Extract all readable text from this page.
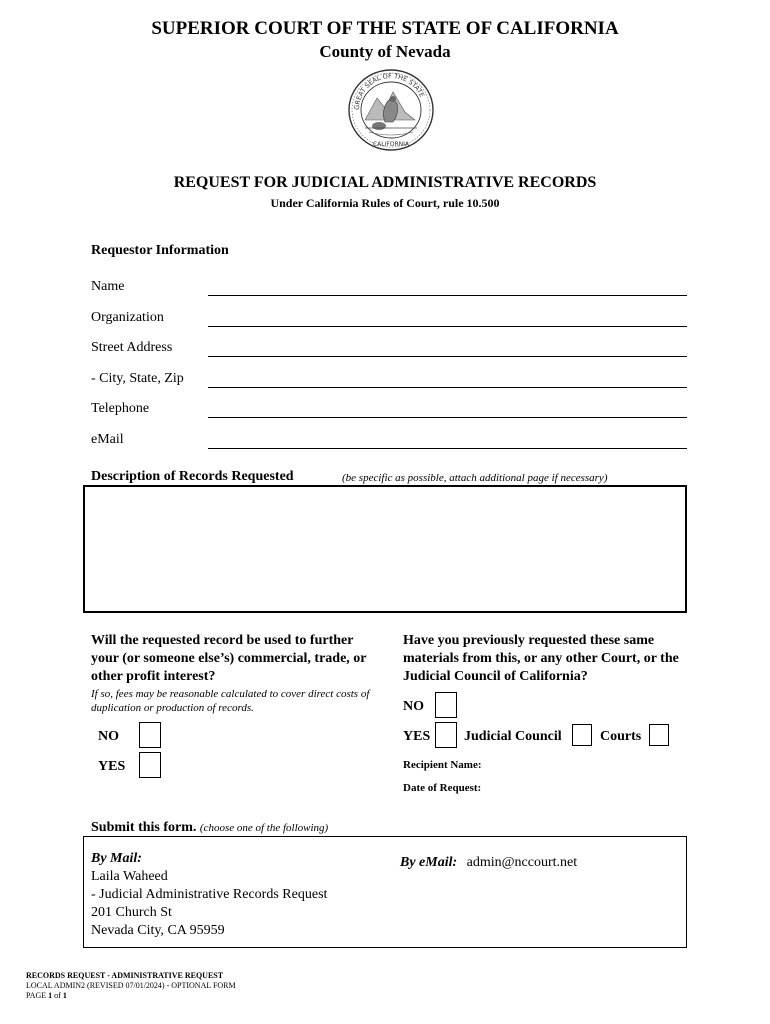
SUPERIOR COURT OF THE STATE OF CALIFORNIA
County of Nevada
GREAT SEAL OF THE STATE
CALIFORNIA
REQUEST FOR JUDICIAL ADMINISTRATIVE RECORDS
Under California Rules of Court, rule 10.500
Requestor Information
Name
Organization
Street Address
- City, State, Zip
Telephone
eMail
Description of Records Requested	(be specific as possible, attach additional page if necessary)
Will the requested record be used to further your (or someone else’s) commercial, trade, or other profit interest?
If so, fees may be reasonable calculated to cover direct costs of duplication or production of records.
NO
YES
Have you previously requested these same materials from this, or any other Court, or the Judicial Council of California?
NO
YES Judicial Council	Courts
Recipient Name:
Date of Request:
Submit this form. (choose one of the following)
By Mail:
Laila Waheed
- Judicial Administrative Records Request
201 Church St
Nevada City, CA 95959
By eMail: admin@nccourt.net
RECORDS REQUEST - ADMINISTRATIVE REQUEST
LOCAL ADMIN2 (REVISED 07/01/2024) - OPTIONAL FORM
PAGE 1 of 1
